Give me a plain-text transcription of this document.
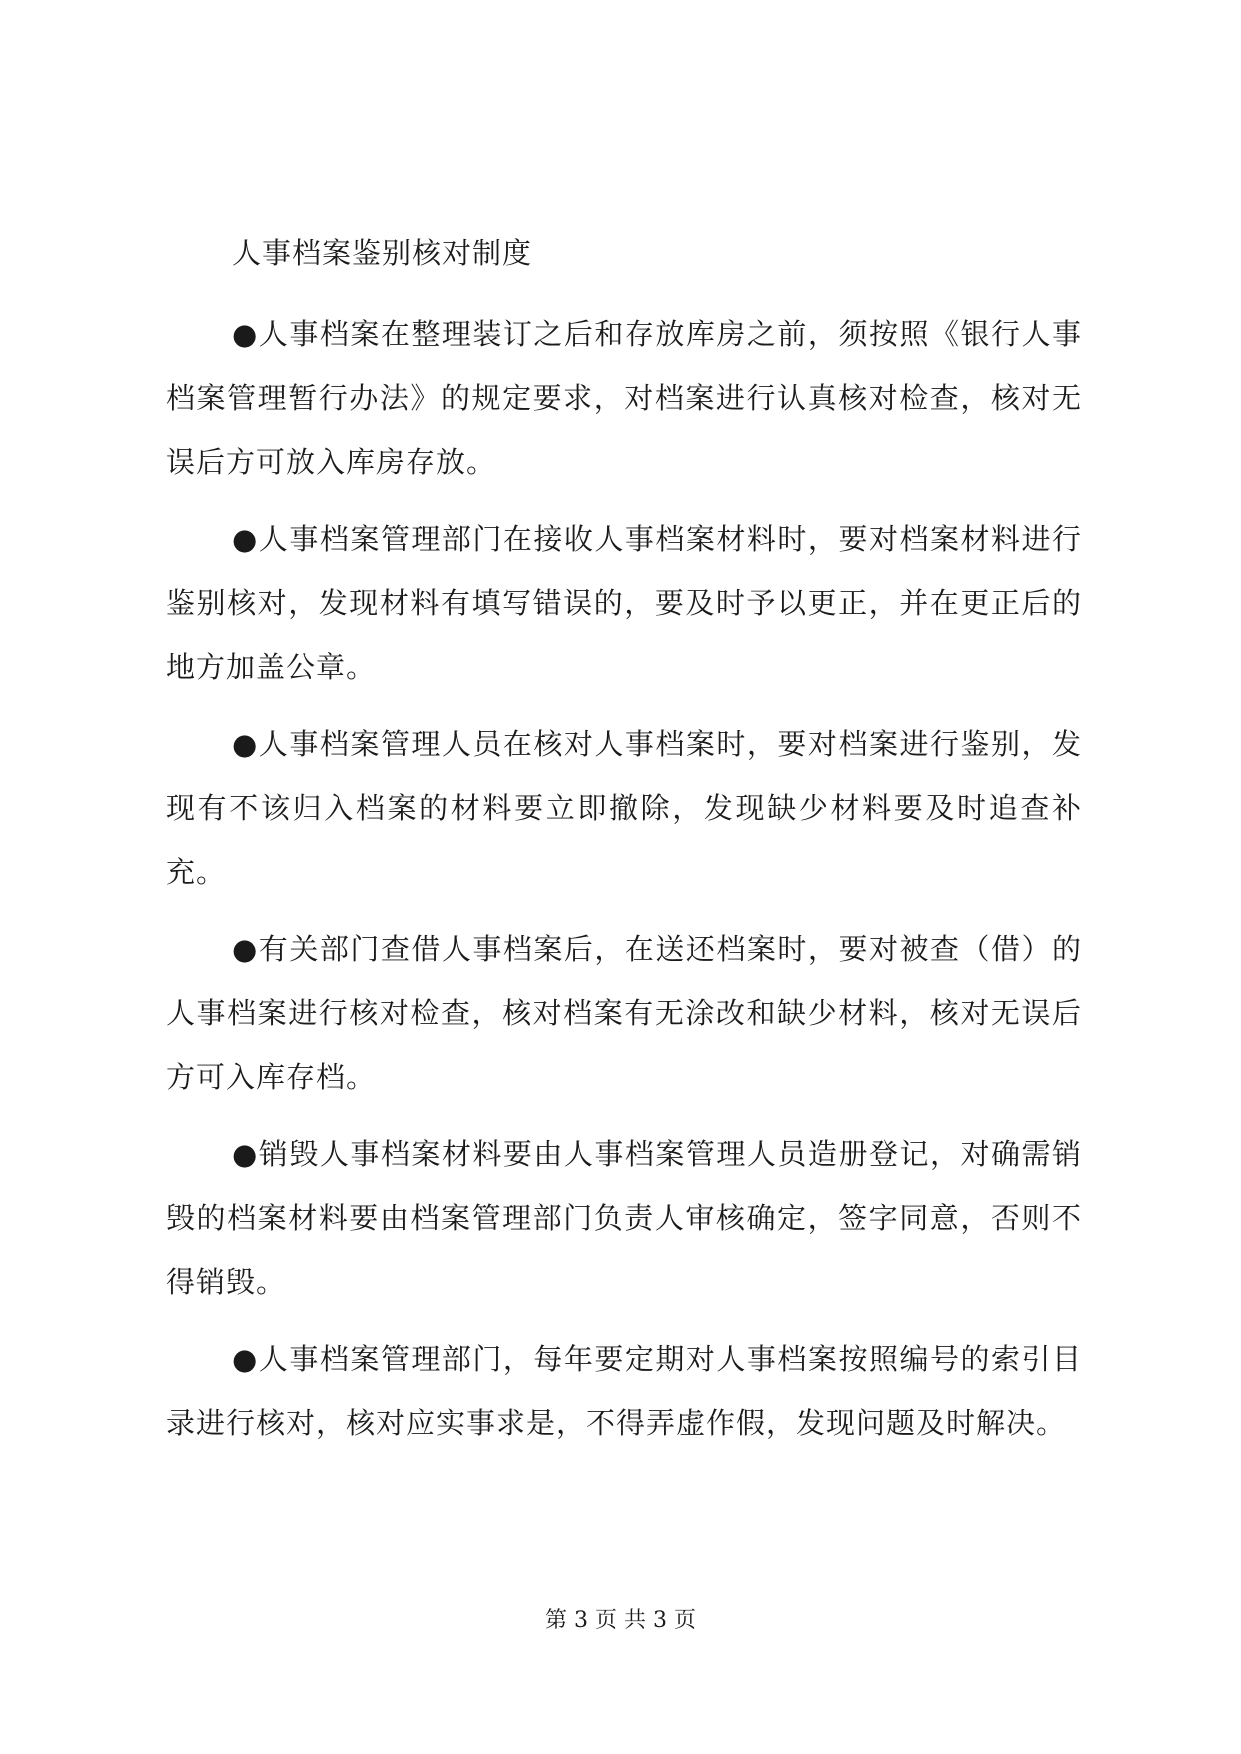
人事档案鉴别核对制度

●人事档案在整理装订之后和存放库房之前，须按照《银行人事档案管理暂行办法》的规定要求，对档案进行认真核对检查，核对无误后方可放入库房存放。

●人事档案管理部门在接收人事档案材料时，要对档案材料进行鉴别核对，发现材料有填写错误的，要及时予以更正，并在更正后的地方加盖公章。

●人事档案管理人员在核对人事档案时，要对档案进行鉴别，发现有不该归入档案的材料要立即撤除，发现缺少材料要及时追查补充。

●有关部门查借人事档案后，在送还档案时，要对被查（借）的人事档案进行核对检查，核对档案有无涂改和缺少材料，核对无误后方可入库存档。

●销毁人事档案材料要由人事档案管理人员造册登记，对确需销毁的档案材料要由档案管理部门负责人审核确定，签字同意，否则不得销毁。

●人事档案管理部门，每年要定期对人事档案按照编号的索引目录进行核对，核对应实事求是，不得弄虚作假，发现问题及时解决。

第 3 页 共 3 页
